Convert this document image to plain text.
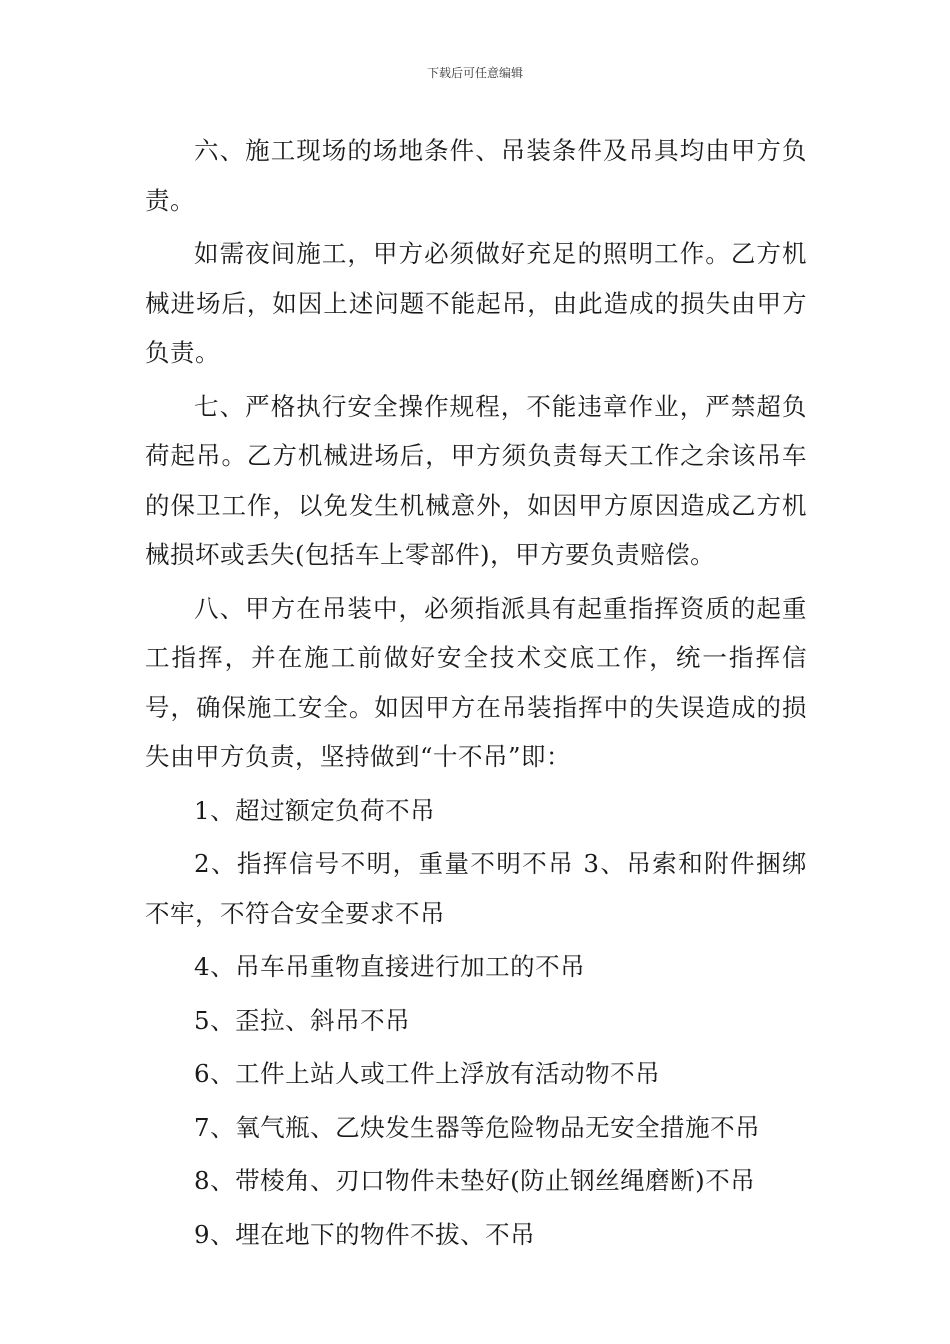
下载后可任意编辑

六、施工现场的场地条件、吊装条件及吊具均由甲方负责。

如需夜间施工，甲方必须做好充足的照明工作。乙方机械进场后，如因上述问题不能起吊，由此造成的损失由甲方负责。

七、严格执行安全操作规程，不能违章作业，严禁超负荷起吊。乙方机械进场后，甲方须负责每天工作之余该吊车的保卫工作，以免发生机械意外，如因甲方原因造成乙方机械损坏或丢失(包括车上零部件)，甲方要负责赔偿。

八、甲方在吊装中，必须指派具有起重指挥资质的起重工指挥，并在施工前做好安全技术交底工作，统一指挥信号，确保施工安全。如因甲方在吊装指挥中的失误造成的损失由甲方负责，坚持做到“十不吊”即：

1、超过额定负荷不吊

2、指挥信号不明，重量不明不吊 3、吊索和附件捆绑不牢，不符合安全要求不吊

4、吊车吊重物直接进行加工的不吊

5、歪拉、斜吊不吊

6、工件上站人或工件上浮放有活动物不吊

7、氧气瓶、乙炔发生器等危险物品无安全措施不吊

8、带棱角、刃口物件未垫好(防止钢丝绳磨断)不吊

9、埋在地下的物件不拔、不吊
